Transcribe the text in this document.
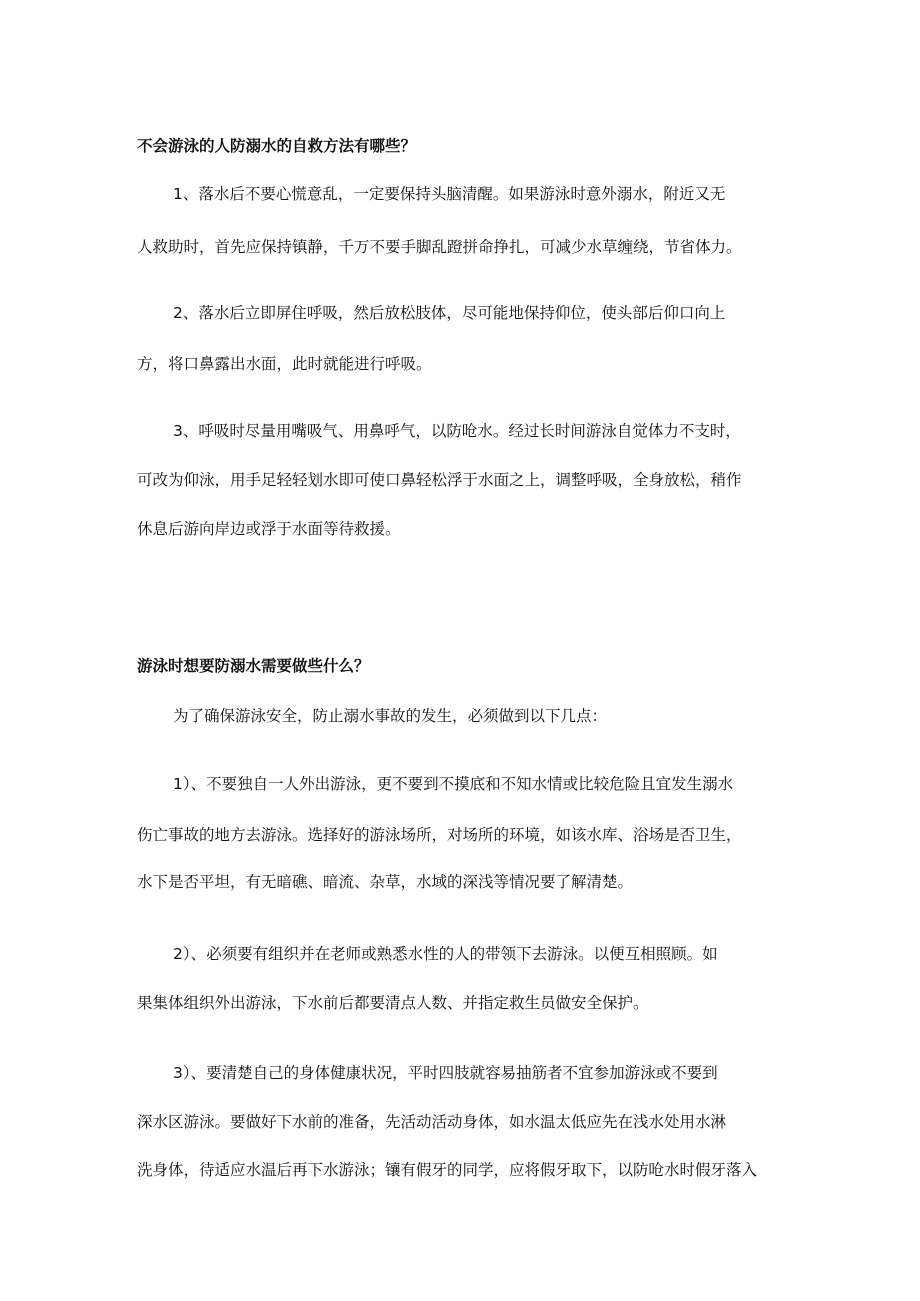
不会游泳的人防溺水的自救方法有哪些？
1、落水后不要心慌意乱，一定要保持头脑清醒。如果游泳时意外溺水，附近又无
人救助时，首先应保持镇静，千万不要手脚乱蹬拼命挣扎，可减少水草缠绕，节省体力。
2、落水后立即屏住呼吸，然后放松肢体，尽可能地保持仰位，使头部后仰口向上
方，将口鼻露出水面，此时就能进行呼吸。
3、呼吸时尽量用嘴吸气、用鼻呼气，以防呛水。经过长时间游泳自觉体力不支时，
可改为仰泳，用手足轻轻划水即可使口鼻轻松浮于水面之上，调整呼吸，全身放松，稍作
休息后游向岸边或浮于水面等待救援。
游泳时想要防溺水需要做些什么？
为了确保游泳安全，防止溺水事故的发生，必须做到以下几点：
1）、不要独自一人外出游泳，更不要到不摸底和不知水情或比较危险且宜发生溺水
伤亡事故的地方去游泳。选择好的游泳场所，对场所的环境，如该水库、浴场是否卫生，
水下是否平坦，有无暗礁、暗流、杂草，水域的深浅等情况要了解清楚。
2）、必须要有组织并在老师或熟悉水性的人的带领下去游泳。以便互相照顾。如
果集体组织外出游泳，下水前后都要清点人数、并指定救生员做安全保护。
3）、要清楚自己的身体健康状况，平时四肢就容易抽筋者不宜参加游泳或不要到
深水区游泳。要做好下水前的准备，先活动活动身体，如水温太低应先在浅水处用水淋
洗身体，待适应水温后再下水游泳；镶有假牙的同学，应将假牙取下，以防呛水时假牙落入
